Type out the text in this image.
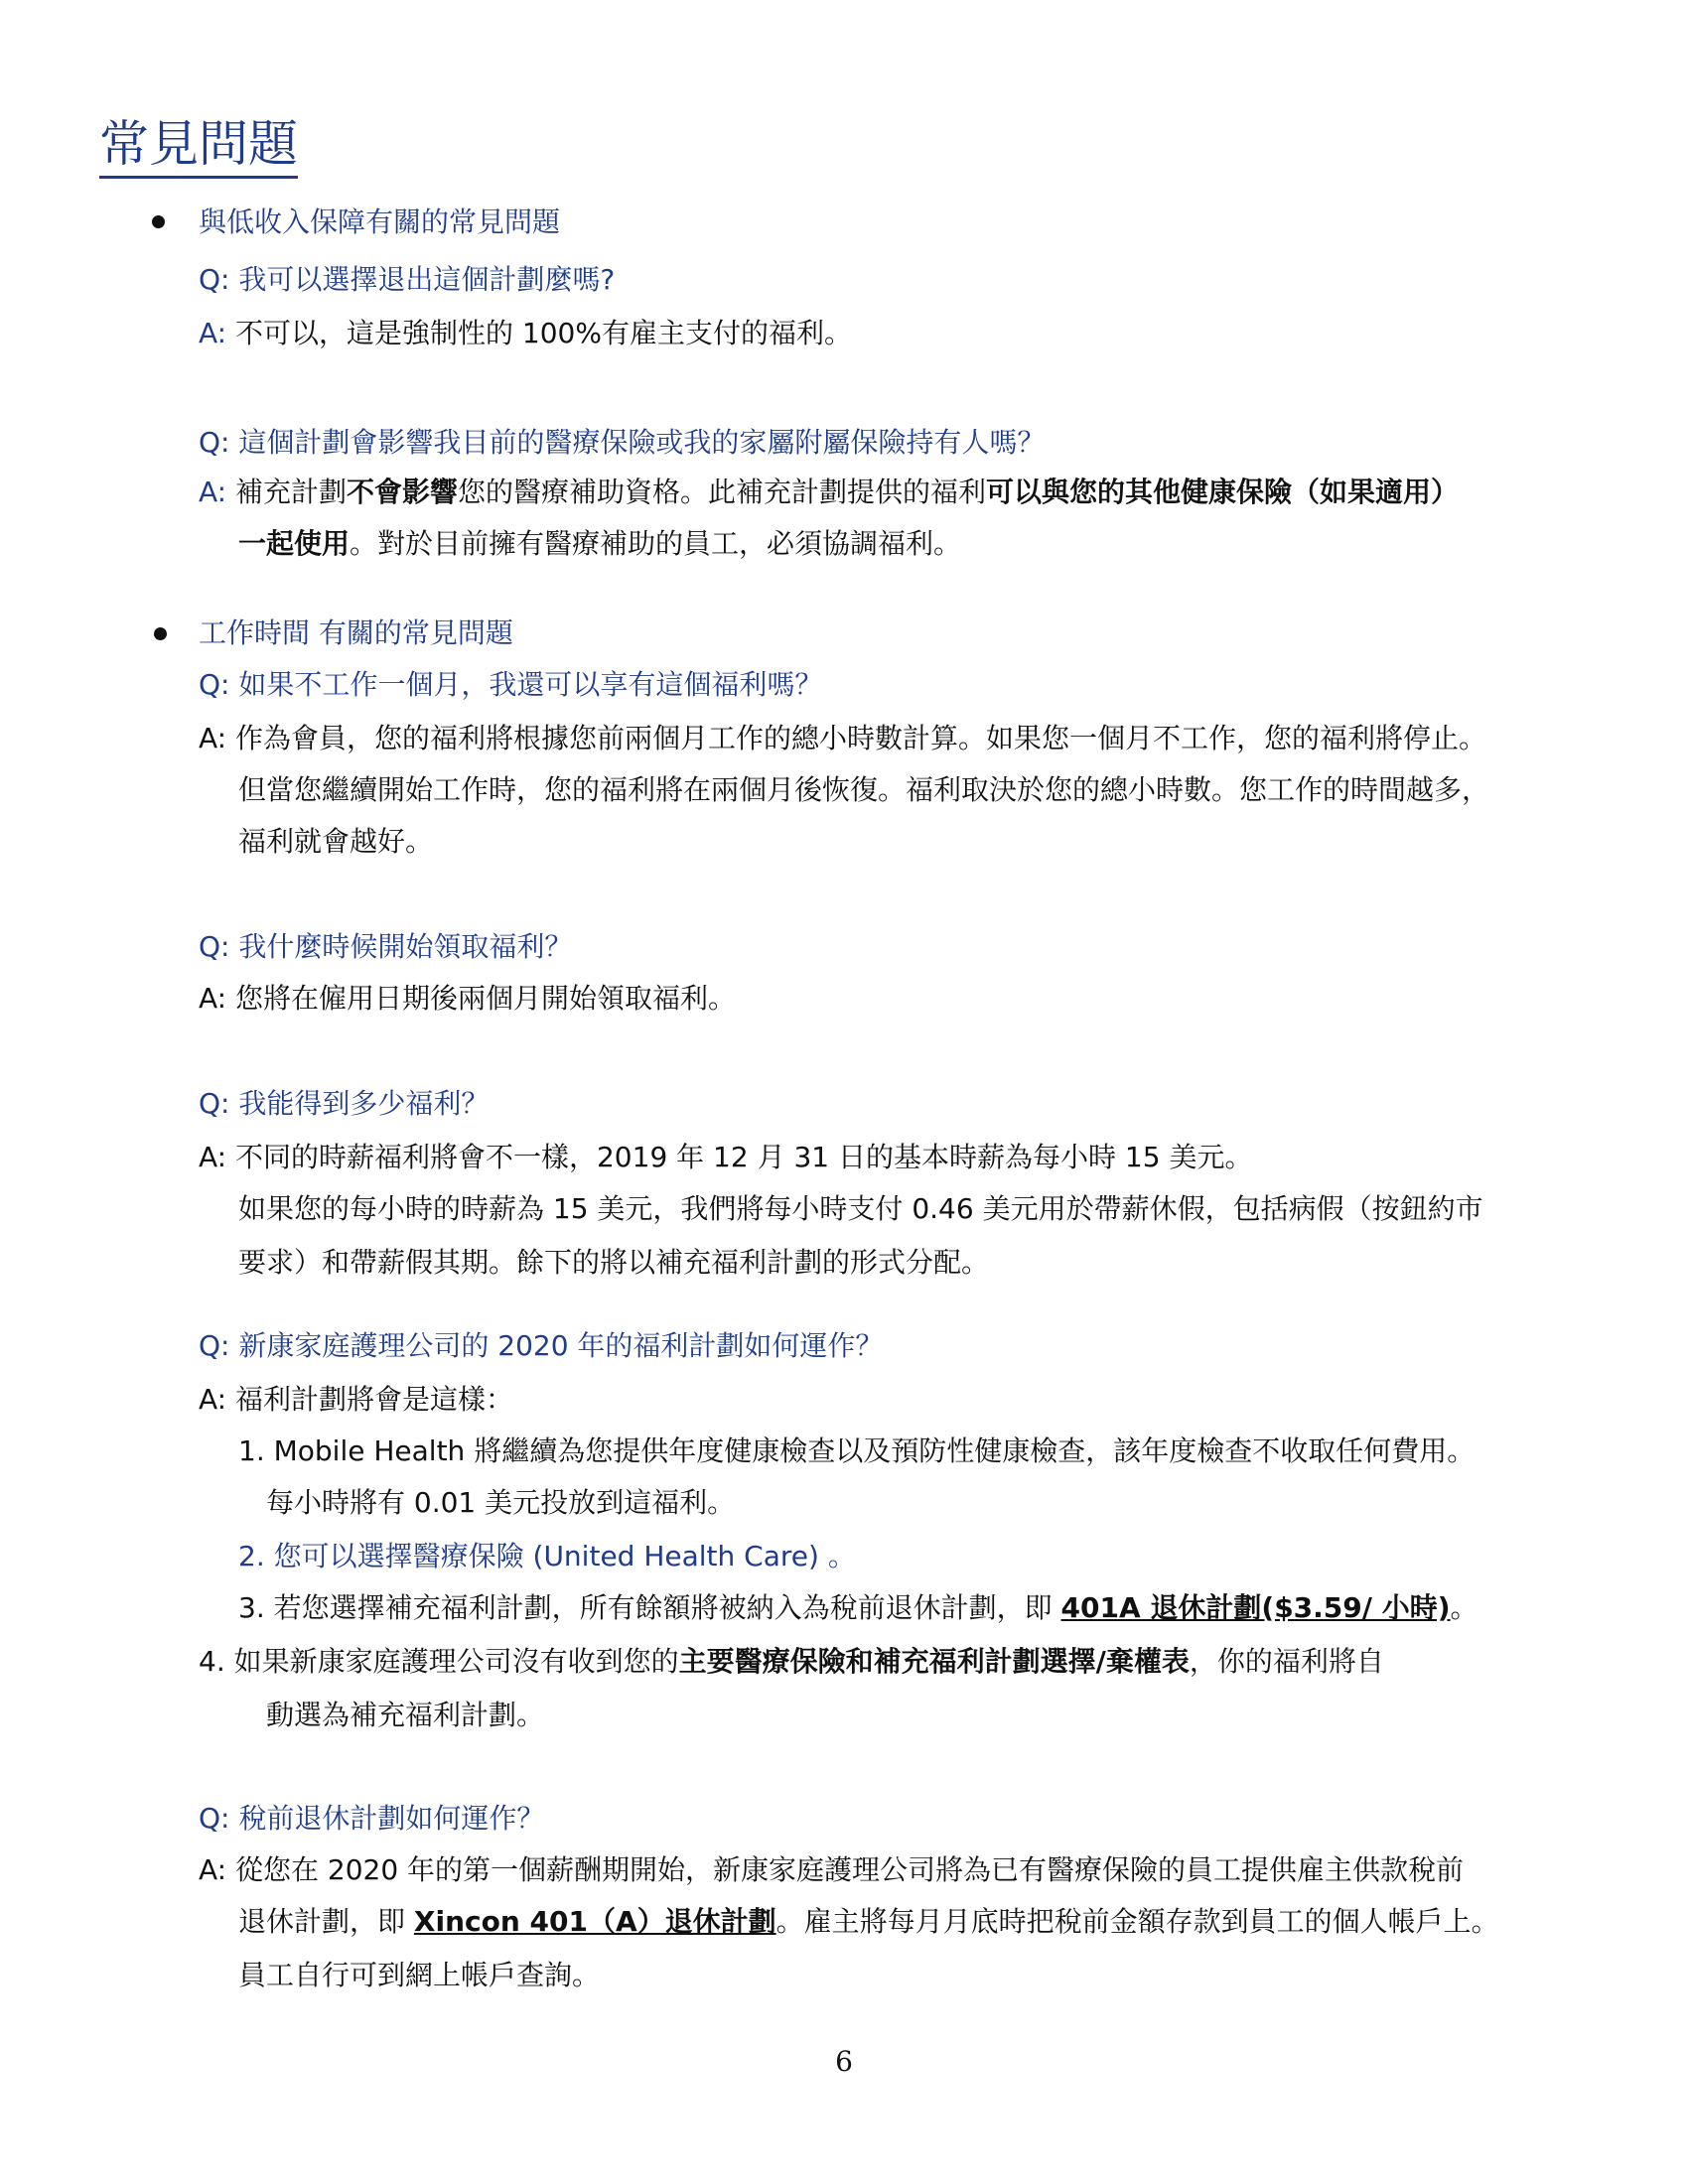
常見問題
與低收入保障有關的常見問題
Q: 我可以選擇退出這個計劃麼嗎?
A: 不可以，這是強制性的 100%有雇主支付的福利。
Q: 這個計劃會影響我目前的醫療保險或我的家屬附屬保險持有人嗎？
A: 補充計劃不會影響您的醫療補助資格。此補充計劃提供的福利可以與您的其他健康保險（如果適用）
一起使用。對於目前擁有醫療補助的員工，必須協調福利。
工作時間 有關的常見問題
Q: 如果不工作一個月，我還可以享有這個福利嗎？
A: 作為會員，您的福利將根據您前兩個月工作的總小時數計算。如果您一個月不工作，您的福利將停止。
但當您繼續開始工作時，您的福利將在兩個月後恢復。福利取決於您的總小時數。您工作的時間越多，
福利就會越好。
Q: 我什麼時候開始領取福利？
A: 您將在僱用日期後兩個月開始領取福利。
Q: 我能得到多少福利？
A: 不同的時薪福利將會不一樣，2019 年 12 月 31 日的基本時薪為每小時 15 美元。
如果您的每小時的時薪為 15 美元，我們將每小時支付 0.46 美元用於帶薪休假，包括病假（按鈕約市
要求）和帶薪假其期。餘下的將以補充福利計劃的形式分配。
Q: 新康家庭護理公司的 2020 年的福利計劃如何運作？
A: 福利計劃將會是這樣：
1. Mobile Health 將繼續為您提供年度健康檢查以及預防性健康檢查，該年度檢查不收取任何費用。
每小時將有 0.01 美元投放到這福利。
2. 您可以選擇醫療保險 (United Health Care) 。
3. 若您選擇補充福利計劃，所有餘額將被納入為稅前退休計劃，即 401A 退休計劃($3.59/ 小時)。
4. 如果新康家庭護理公司沒有收到您的主要醫療保險和補充福利計劃選擇/棄權表，你的福利將自
動選為補充福利計劃。
Q: 稅前退休計劃如何運作？
A: 從您在 2020 年的第一個薪酬期開始，新康家庭護理公司將為已有醫療保險的員工提供雇主供款稅前
退休計劃，即 Xincon 401（A）退休計劃。雇主將每月月底時把稅前金額存款到員工的個人帳戶上。
員工自行可到網上帳戶查詢。
6
